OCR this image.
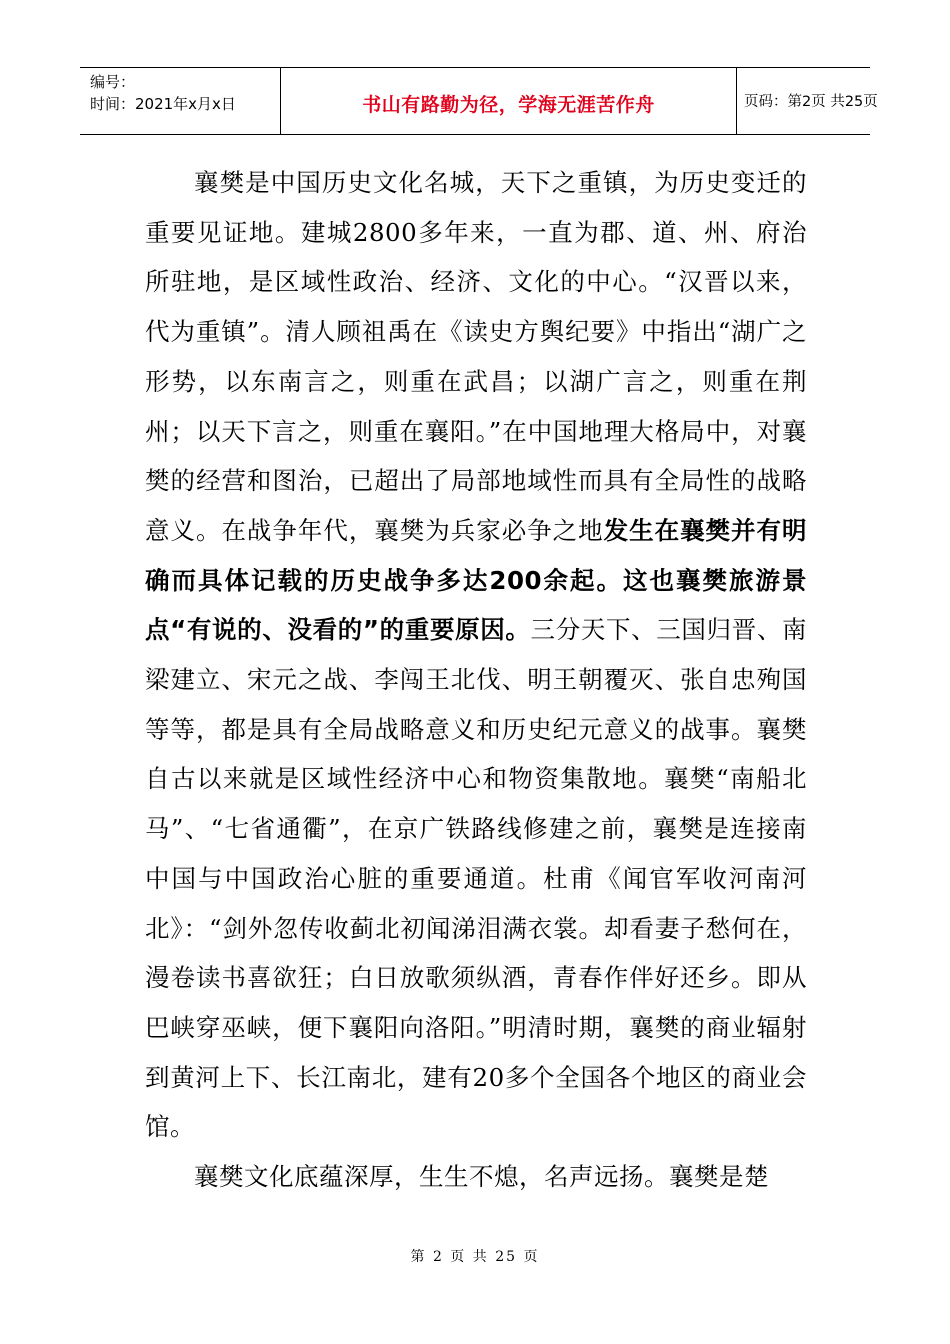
编号：
时间：2021年x月x日	书山有路勤为径，学海无涯苦作舟	页码：第2页 共25页

襄樊是中国历史文化名城，天下之重镇，为历史变迁的重要见证地。建城2800多年来，一直为郡、道、州、府治所驻地，是区域性政治、经济、文化的中心。“汉晋以来，代为重镇”。清人顾祖禹在《读史方舆纪要》中指出“湖广之形势，以东南言之，则重在武昌；以湖广言之，则重在荆州；以天下言之，则重在襄阳。”在中国地理大格局中，对襄樊的经营和图治，已超出了局部地域性而具有全局性的战略意义。在战争年代，襄樊为兵家必争之地发生在襄樊并有明确而具体记载的历史战争多达200余起。这也襄樊旅游景点“有说的、没看的”的重要原因。三分天下、三国归晋、南梁建立、宋元之战、李闯王北伐、明王朝覆灭、张自忠殉国等等，都是具有全局战略意义和历史纪元意义的战事。襄樊自古以来就是区域性经济中心和物资集散地。襄樊“南船北马”、“七省通衢”，在京广铁路线修建之前，襄樊是连接南中国与中国政治心脏的重要通道。杜甫《闻官军收河南河北》：“剑外忽传收蓟北初闻涕泪满衣裳。却看妻子愁何在，漫卷读书喜欲狂；白日放歌须纵酒，青春作伴好还乡。即从巴峡穿巫峡，便下襄阳向洛阳。”明清时期，襄樊的商业辐射到黄河上下、长江南北，建有20多个全国各个地区的商业会馆。

襄樊文化底蕴深厚，生生不熄，名声远扬。襄樊是楚

第 2 页 共 25 页
